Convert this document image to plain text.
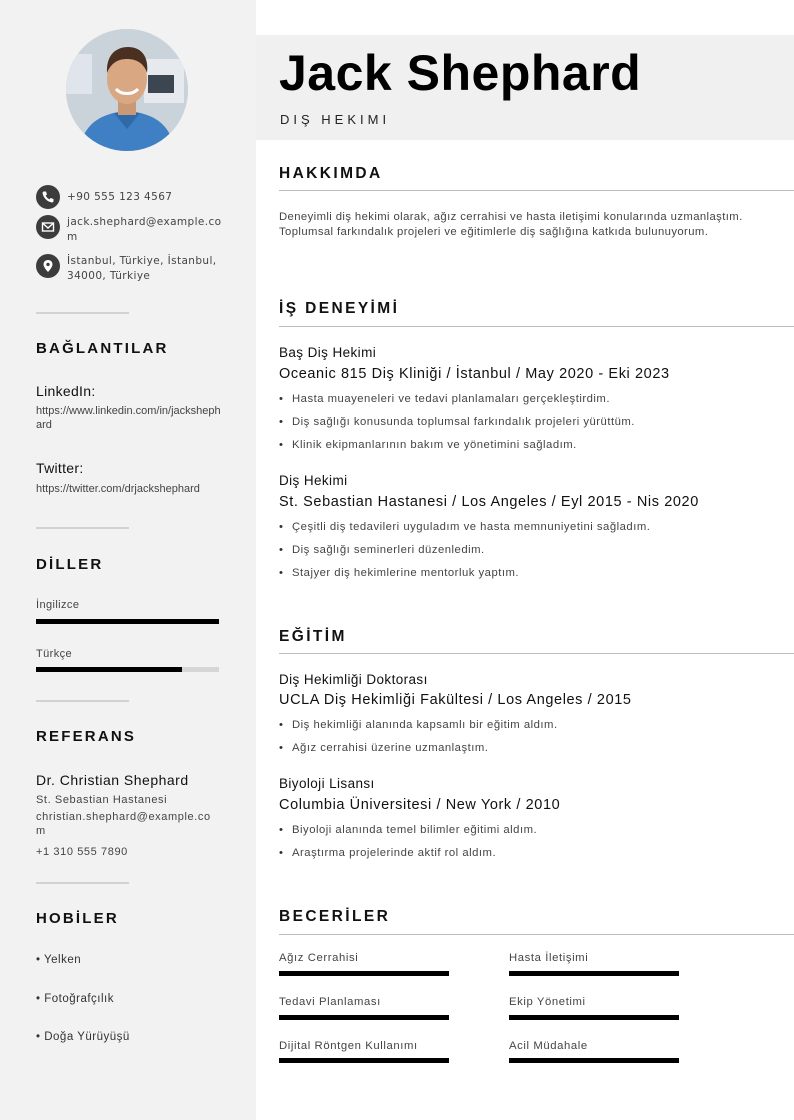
+90 555 123 4567
jack.shephard@example.com
İstanbul, Türkiye, İstanbul, 34000, Türkiye
BAĞLANTILAR
LinkedIn:
https://www.linkedin.com/in/jackshephard
Twitter:
https://twitter.com/drjackshephard
DİLLER
İngilizce
Türkçe
REFERANS
Dr. Christian Shephard
St. Sebastian Hastanesi
christian.shephard@example.com
+1 310 555 7890
HOBİLER
• Yelken
• Fotoğrafçılık
• Doğa Yürüyüşü
Jack Shephard
DIŞ HEKIMI
HAKKIMDA
Deneyimli diş hekimi olarak, ağız cerrahisi ve hasta iletişimi konularında uzmanlaştım. Toplumsal farkındalık projeleri ve eğitimlerle diş sağlığına katkıda bulunuyorum.
İŞ DENEYİMİ
Baş Diş Hekimi
Oceanic 815 Diş Kliniği / İstanbul / May 2020 - Eki 2023
• Hasta muayeneleri ve tedavi planlamaları gerçekleştirdim.
• Diş sağlığı konusunda toplumsal farkındalık projeleri yürüttüm.
• Klinik ekipmanlarının bakım ve yönetimini sağladım.
Diş Hekimi
St. Sebastian Hastanesi / Los Angeles / Eyl 2015 - Nis 2020
• Çeşitli diş tedavileri uyguladım ve hasta memnuniyetini sağladım.
• Diş sağlığı seminerleri düzenledim.
• Stajyer diş hekimlerine mentorluk yaptım.
EĞİTİM
Diş Hekimliği Doktorası
UCLA Diş Hekimliği Fakültesi / Los Angeles / 2015
• Diş hekimliği alanında kapsamlı bir eğitim aldım.
• Ağız cerrahisi üzerine uzmanlaştım.
Biyoloji Lisansı
Columbia Üniversitesi / New York / 2010
• Biyoloji alanında temel bilimler eğitimi aldım.
• Araştırma projelerinde aktif rol aldım.
BECERİLER
Ağız Cerrahisi	Hasta İletişimi
Tedavi Planlaması	Ekip Yönetimi
Dijital Röntgen Kullanımı	Acil Müdahale
